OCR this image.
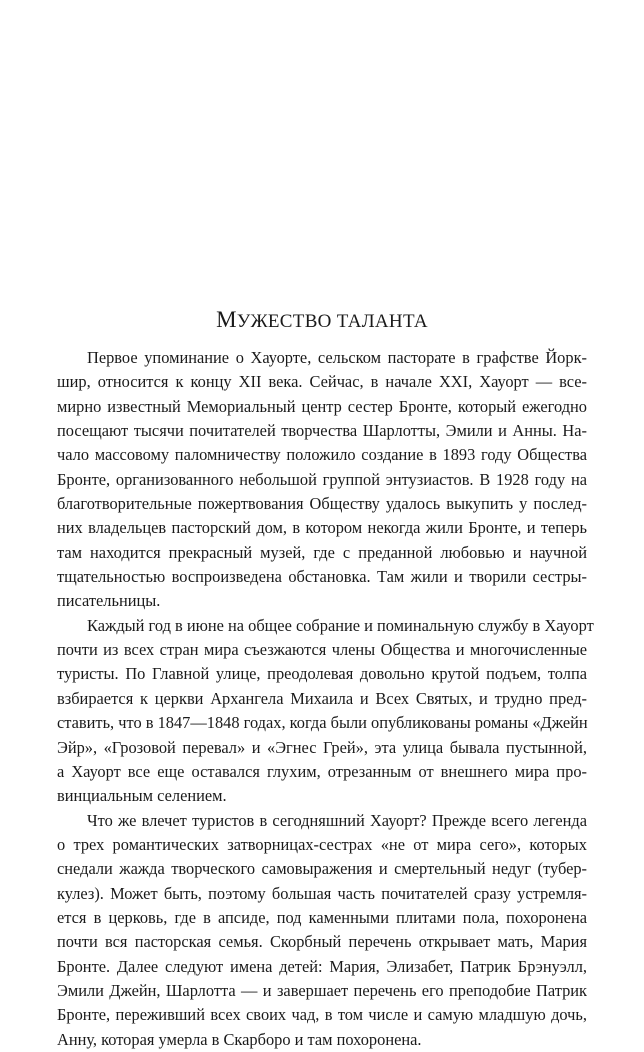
МУЖЕСТВО ТАЛАНТА

Первое упоминание о Хауорте, сельском пасторате в графстве Йорк-
шир, относится к концу XII века. Сейчас, в начале XXI, Хауорт — все-
мирно известный Мемориальный центр сестер Бронте, который ежегодно
посещают тысячи почитателей творчества Шарлотты, Эмили и Анны. На-
чало массовому паломничеству положило создание в 1893 году Общества
Бронте, организованного небольшой группой энтузиастов. В 1928 году на
благотворительные пожертвования Обществу удалось выкупить у послед-
них владельцев пасторский дом, в котором некогда жили Бронте, и теперь
там находится прекрасный музей, где с преданной любовью и научной
тщательностью воспроизведена обстановка. Там жили и творили сестры-
писательницы.

Каждый год в июне на общее собрание и поминальную службу в Хауорт
почти из всех стран мира съезжаются члены Общества и многочисленные
туристы. По Главной улице, преодолевая довольно крутой подъем, толпа
взбирается к церкви Архангела Михаила и Всех Святых, и трудно пред-
ставить, что в 1847—1848 годах, когда были опубликованы романы «Джейн
Эйр», «Грозовой перевал» и «Эгнес Грей», эта улица бывала пустынной,
а Хауорт все еще оставался глухим, отрезанным от внешнего мира про-
винциальным селением.

Что же влечет туристов в сегодняшний Хауорт? Прежде всего легенда
о трех романтических затворницах-сестрах «не от мира сего», которых
снедали жажда творческого самовыражения и смертельный недуг (тубер-
кулез). Может быть, поэтому большая часть почитателей сразу устремля-
ется в церковь, где в апсиде, под каменными плитами пола, похоронена
почти вся пасторская семья. Скорбный перечень открывает мать, Мария
Бронте. Далее следуют имена детей: Мария, Элизабет, Патрик Брэнуэлл,
Эмили Джейн, Шарлотта — и завершает перечень его преподобие Патрик
Бронте, переживший всех своих чад, в том числе и самую младшую дочь,
Анну, которая умерла в Скарборо и там похоронена.
